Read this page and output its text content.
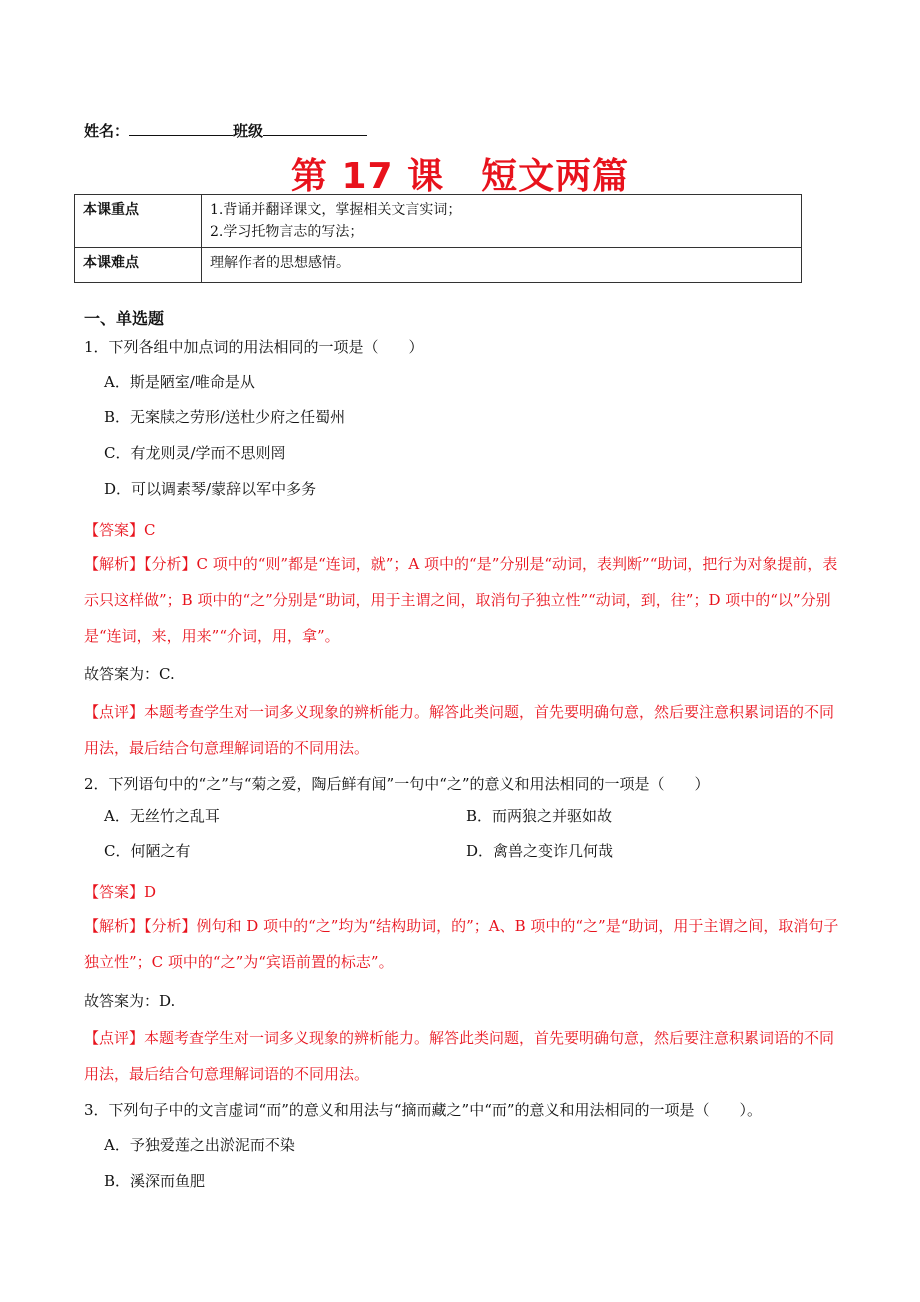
姓名：	班级
第 17 课　短文两篇
本课重点	1.背诵并翻译课文，掌握相关文言实词；
2.学习托物言志的写法；

本课难点	理解作者的思想感情。
一、单选题
1．下列各组中加点词的用法相同的一项是（　　）
A．斯是陋室/唯命是从
B．无案牍之劳形/送杜少府之任蜀州
C．有龙则灵/学而不思则罔
D．可以调素琴/蒙辞以军中多务
【答案】C
【解析】【分析】C 项中的“则”都是“连词，就”；A 项中的“是”分别是“动词，表判断”“助词，把行为对象提前，表示只这样做”；B 项中的“之”分别是“助词，用于主谓之间，取消句子独立性”“动词，到，往”；D 项中的“以”分别是“连词，来，用来”“介词，用，拿”。
故答案为：C.
【点评】本题考查学生对一词多义现象的辨析能力。解答此类问题，首先要明确句意，然后要注意积累词语的不同用法，最后结合句意理解词语的不同用法。
2．下列语句中的“之”与“菊之爱，陶后鲜有闻”一句中“之”的意义和用法相同的一项是（　　）
A．无丝竹之乱耳	B．而两狼之并驱如故
C．何陋之有	D．禽兽之变诈几何哉
【答案】D
【解析】【分析】例句和 D 项中的“之”均为“结构助词，的”；A、B 项中的“之”是“助词，用于主谓之间，取消句子独立性”；C 项中的“之”为“宾语前置的标志”。
故答案为：D.
【点评】本题考查学生对一词多义现象的辨析能力。解答此类问题，首先要明确句意，然后要注意积累词语的不同用法，最后结合句意理解词语的不同用法。
3．下列句子中的文言虚词“而”的意义和用法与“摘而藏之”中“而”的意义和用法相同的一项是（　　）。
A．予独爱莲之出淤泥而不染
B．溪深而鱼肥
